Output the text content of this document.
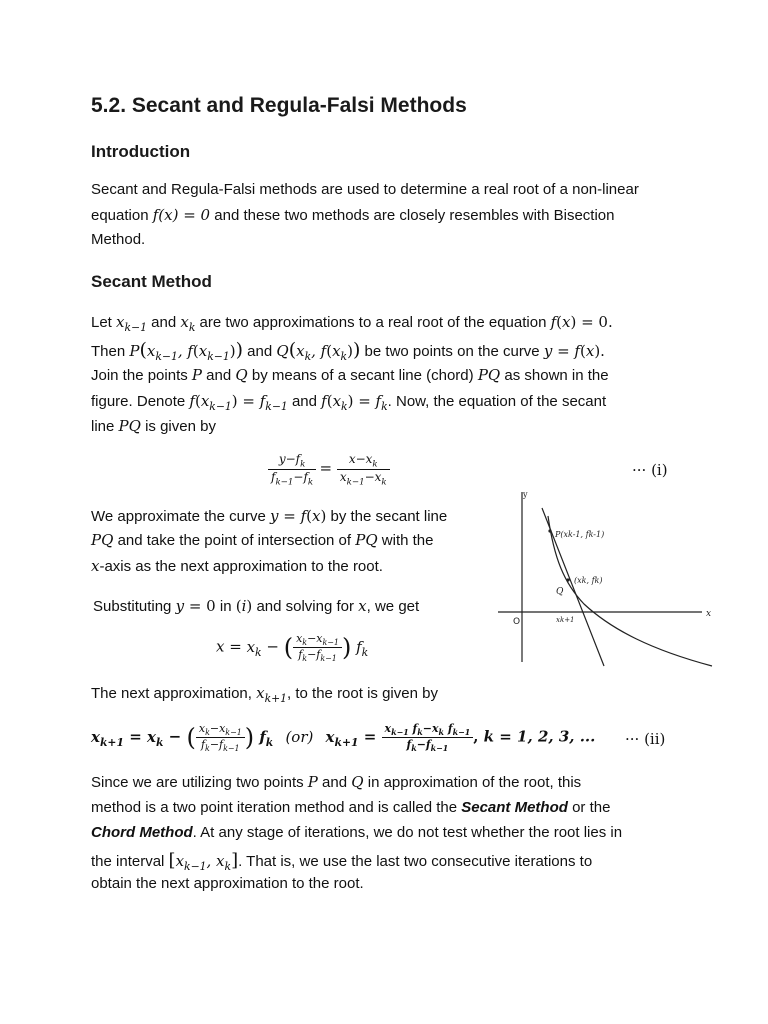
5.2. Secant and Regula-Falsi Methods
Introduction
Secant and Regula-Falsi methods are used to determine a real root of a non-linear
equation f(x) = 0 and these two methods are closely resembles with Bisection
Method.
Secant Method
Let $x_{k-1}$ and $x_k$ are two approximations to a real root of the equation f(x) = 0.
Then $P(x_{k-1}$, $f(x_{k-1})$) and $Q(x_k$, $f(x_k)$) be two points on the curve y = f(x).
Join the points P and Q by means of a secant line (chord) PQ as shown in the
figure. Denote $f(x_{k-1}) = f_{k-1}$ and $f(x_k) = f_k$. Now, the equation of the secant
line PQ is given by
$\frac{y-f_k}{f_{k-1}-f_k} = \frac{x-x_k}{x_{k-1}-x_k}$	··· (i)
We approximate the curve y = f(x) by the secant line
PQ and take the point of intersection of PQ with the
x-axis as the next approximation to the root.
Substituting y = 0 in (i) and solving for x, we get
$x = x_k$ − ( $\frac{x_k-x_{k-1}}{f_k-f_{k-1}}$ ) $f_k$
The next approximation, $x_{k+1}$, to the root is given by
$x_{k+1} = x_k$ − ( $\frac{x_k-x_{k-1}}{f_k-f_{k-1}}$ ) $f_k$ (or) $x_{k+1} = \frac{x_{k-1} f_k-x_k f_{k-1}}{f_k-f_{k-1}}$ , k = 1, 2, 3, ... ··· (ii)
Since we are utilizing two points P and Q in approximation of the root, this
method is a two point iteration method and is called the Secant Method or the
Chord Method. At any stage of iterations, we do not test whether the root lies in
the interval [$x_{k-1}$, $x_k$]. That is, we use the last two consecutive iterations to
obtain the next approximation to the root.
y
x
O
P(xk-1, fk-1)
(xk, fk)
Q
xk+1
